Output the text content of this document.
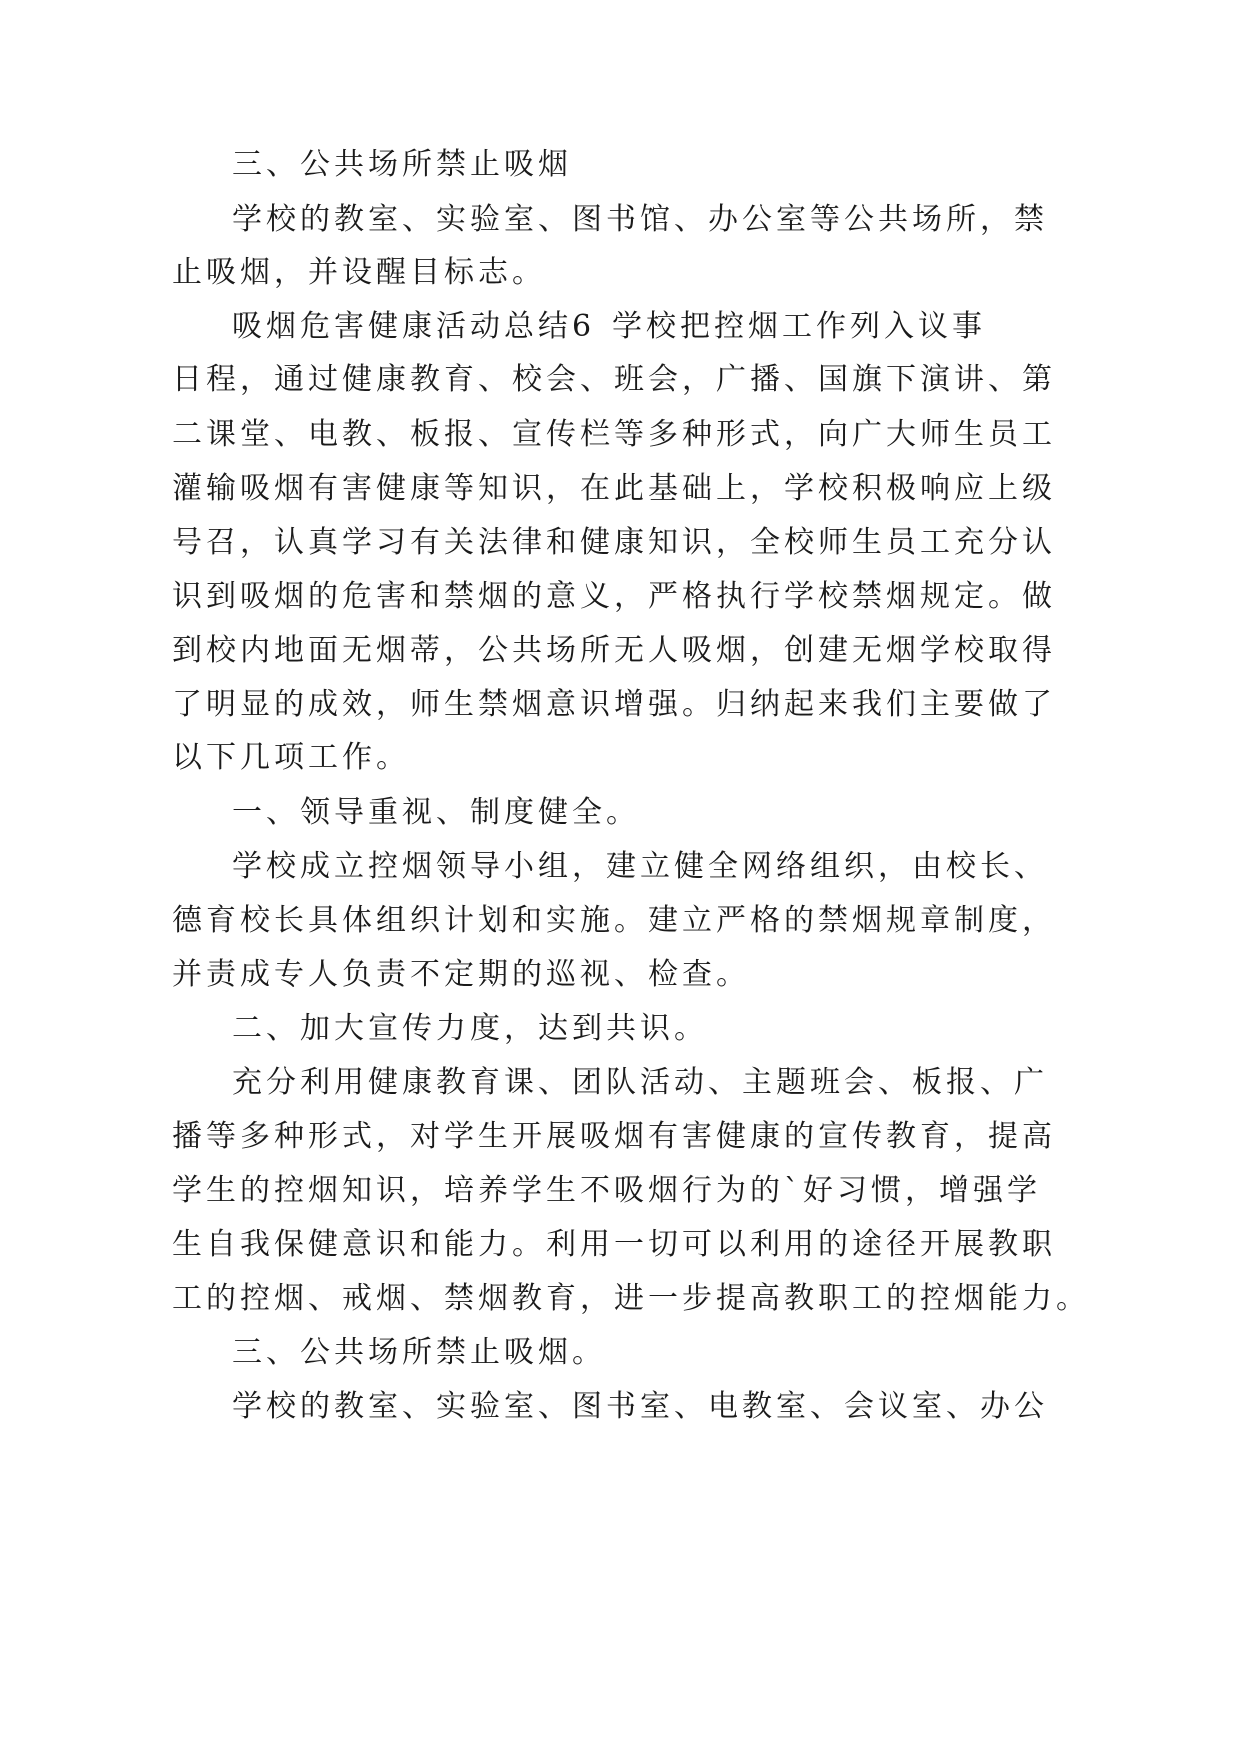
三、公共场所禁止吸烟
学校的教室、实验室、图书馆、办公室等公共场所，禁
止吸烟，并设醒目标志。
吸烟危害健康活动总结6 学校把控烟工作列入议事
日程，通过健康教育、校会、班会，广播、国旗下演讲、第
二课堂、电教、板报、宣传栏等多种形式，向广大师生员工
灌输吸烟有害健康等知识，在此基础上，学校积极响应上级
号召，认真学习有关法律和健康知识，全校师生员工充分认
识到吸烟的危害和禁烟的意义，严格执行学校禁烟规定。做
到校内地面无烟蒂，公共场所无人吸烟，创建无烟学校取得
了明显的成效，师生禁烟意识增强。归纳起来我们主要做了
以下几项工作。
一、领导重视、制度健全。
学校成立控烟领导小组，建立健全网络组织，由校长、
德育校长具体组织计划和实施。建立严格的禁烟规章制度，
并责成专人负责不定期的巡视、检查。
二、加大宣传力度，达到共识。
充分利用健康教育课、团队活动、主题班会、板报、广
播等多种形式，对学生开展吸烟有害健康的宣传教育，提高
学生的控烟知识，培养学生不吸烟行为的`好习惯，增强学
生自我保健意识和能力。利用一切可以利用的途径开展教职
工的控烟、戒烟、禁烟教育，进一步提高教职工的控烟能力。
三、公共场所禁止吸烟。
学校的教室、实验室、图书室、电教室、会议室、办公
